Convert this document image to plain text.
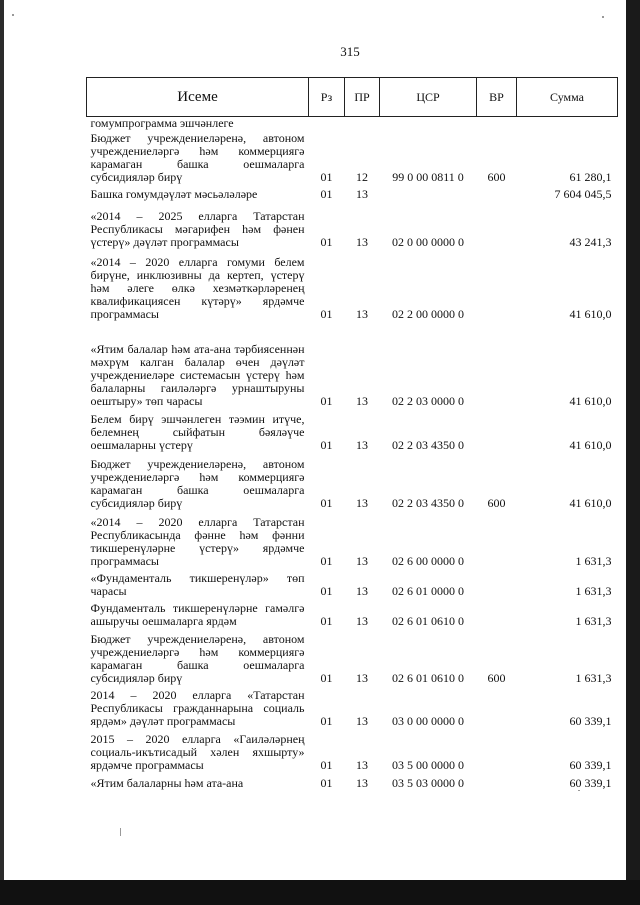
315
Исеме	Рз	ПР	ЦСР	ВР	Сумма
гомумпрограмма эшчәнлеге					
Бюджет учреждениеләренә, автоном учреждениеләргә һәм коммерциягә карамаган башка оешмаларга субсидияләр бирү	01	12	99 0 00 0811 0	600	61 280,1
Башка гомумдәүләт мәсьәләләре	01	13			7 604 045,5
«2014 – 2025 елларга Татарстан Республикасы мәгарифен һәм фәнен үстерү» дәүләт программасы	01	13	02 0 00 0000 0		43 241,3
«2014 – 2020 елларга гомуми белем бирүне, инклюзивны да кертеп, үстерү һәм әлеге өлкә хезмәткәрләренең квалификациясен күтәрү» ярдәмче программасы	01	13	02 2 00 0000 0		41 610,0
«Ятим балалар һәм ата-ана тәрбиясеннән мәхрүм калган балалар өчен дәүләт учреждениеләре системасын үстерү һәм балаларны гаиләләргә урнаштыруны оештыру» төп чарасы	01	13	02 2 03 0000 0		41 610,0
Белем бирү эшчәнлеген тәэмин итүче, белемнең сыйфатын бәяләүче оешмаларны үстерү	01	13	02 2 03 4350 0		41 610,0
Бюджет учреждениеләренә, автоном учреждениеләргә һәм коммерциягә карамаган башка оешмаларга субсидияләр бирү	01	13	02 2 03 4350 0	600	41 610,0
«2014 – 2020 елларга Татарстан Республикасында фәнне һәм фәнни тикшеренүләрне үстерү» ярдәмче программасы	01	13	02 6 00 0000 0		1 631,3
«Фундаменталь тикшеренүләр» төп чарасы	01	13	02 6 01 0000 0		1 631,3
Фундаменталь тикшеренүләрне гамәлгә ашыручы оешмаларга ярдәм	01	13	02 6 01 0610 0		1 631,3
Бюджет учреждениеләренә, автоном учреждениеләргә һәм коммерциягә карамаган башка оешмаларга субсидияләр бирү	01	13	02 6 01 0610 0	600	1 631,3
2014 – 2020 елларга «Татарстан Республикасы гражданнарына социаль ярдәм» дәүләт программасы	01	13	03 0 00 0000 0		60 339,1
2015 – 2020 елларга «Гаиләләрнең социаль-икътисадый хәлен яхшырту» ярдәмче программасы	01	13	03 5 00 0000 0		60 339,1
«Ятим балаларны һәм ата-ана	01	13	03 5 03 0000 0		60 339,1
